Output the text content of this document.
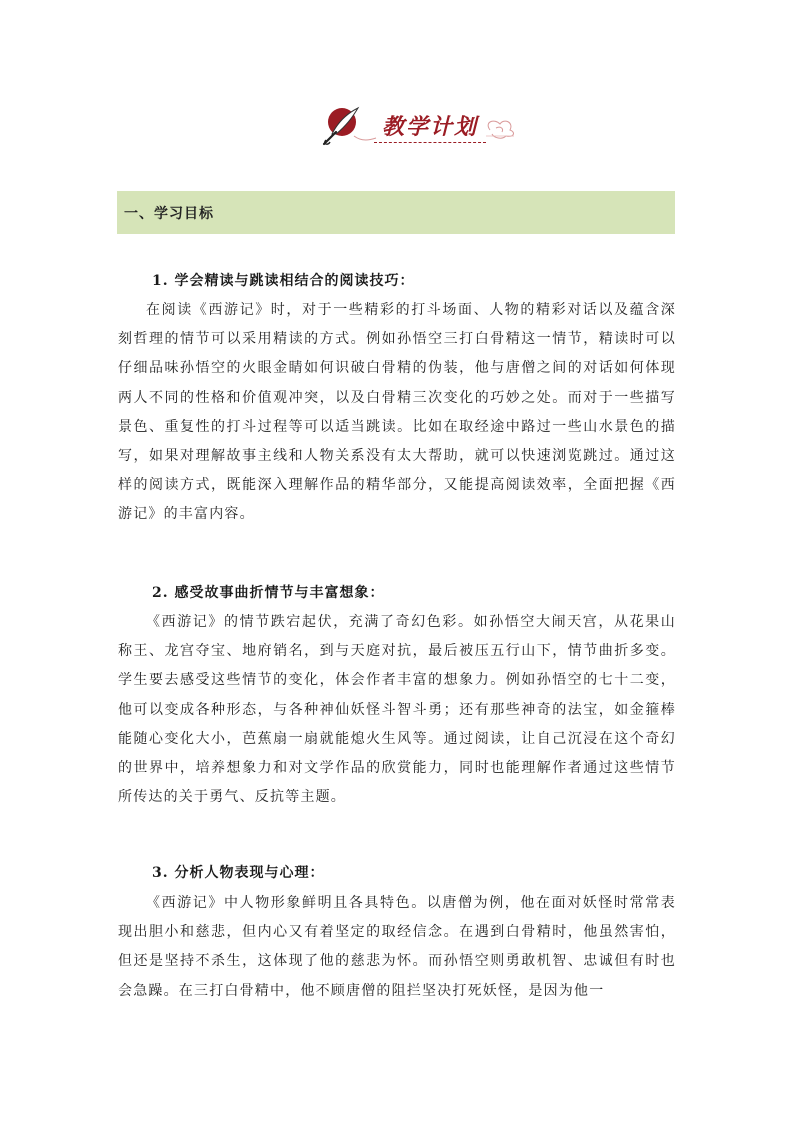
教学计划
一、学习目标
1. 学会精读与跳读相结合的阅读技巧：

在阅读《西游记》时，对于一些精彩的打斗场面、人物的精彩对话以及蕴含深刻哲理的情节可以采用精读的方式。例如孙悟空三打白骨精这一情节，精读时可以仔细品味孙悟空的火眼金睛如何识破白骨精的伪装，他与唐僧之间的对话如何体现两人不同的性格和价值观冲突，以及白骨精三次变化的巧妙之处。而对于一些描写景色、重复性的打斗过程等可以适当跳读。比如在取经途中路过一些山水景色的描写，如果对理解故事主线和人物关系没有太大帮助，就可以快速浏览跳过。通过这样的阅读方式，既能深入理解作品的精华部分，又能提高阅读效率，全面把握《西游记》的丰富内容。

2. 感受故事曲折情节与丰富想象：

《西游记》的情节跌宕起伏，充满了奇幻色彩。如孙悟空大闹天宫，从花果山称王、龙宫夺宝、地府销名，到与天庭对抗，最后被压五行山下，情节曲折多变。学生要去感受这些情节的变化，体会作者丰富的想象力。例如孙悟空的七十二变，他可以变成各种形态，与各种神仙妖怪斗智斗勇；还有那些神奇的法宝，如金箍棒能随心变化大小，芭蕉扇一扇就能熄火生风等。通过阅读，让自己沉浸在这个奇幻的世界中，培养想象力和对文学作品的欣赏能力，同时也能理解作者通过这些情节所传达的关于勇气、反抗等主题。

3. 分析人物表现与心理：

《西游记》中人物形象鲜明且各具特色。以唐僧为例，他在面对妖怪时常常表现出胆小和慈悲，但内心又有着坚定的取经信念。在遇到白骨精时，他虽然害怕，但还是坚持不杀生，这体现了他的慈悲为怀。而孙悟空则勇敢机智、忠诚但有时也会急躁。在三打白骨精中，他不顾唐僧的阻拦坚决打死妖怪，是因为他一
